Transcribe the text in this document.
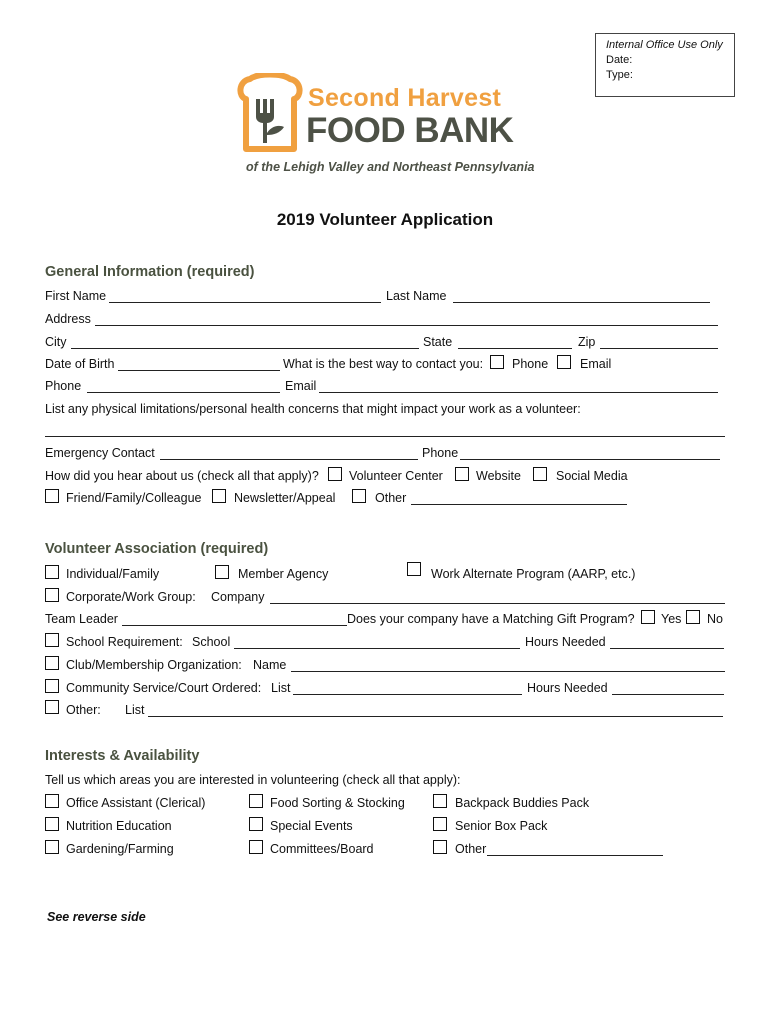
Internal Office Use Only
Date:
Type:
Second Harvest
FOOD BANK
of the Lehigh Valley and Northeast Pennsylvania
2019 Volunteer Application
General Information (required)
First Name	Last Name
Address
City	State	Zip
Date of Birth	What is the best way to contact you: Phone	Email
Phone	Email
List any physical limitations/personal health concerns that might impact your work as a volunteer:
Emergency Contact	Phone
How did you hear about us (check all that apply)? Volunteer Center	Website	Social Media
Friend/Family/Colleague	Newsletter/Appeal	Other
Volunteer Association (required)
Individual/Family	Member Agency	Work Alternate Program (AARP, etc.)
Corporate/Work Group: Company
Team Leader	Does your company have a Matching Gift Program? Yes No
School Requirement: School	Hours Needed
Club/Membership Organization: Name
Community Service/Court Ordered: List	Hours Needed
Other: List
Interests & Availability
Tell us which areas you are interested in volunteering (check all that apply):
Office Assistant (Clerical)	Food Sorting & Stocking	Backpack Buddies Pack
Nutrition Education	Special Events	Senior Box Pack
Gardening/Farming	Committees/Board	Other
See reverse side
